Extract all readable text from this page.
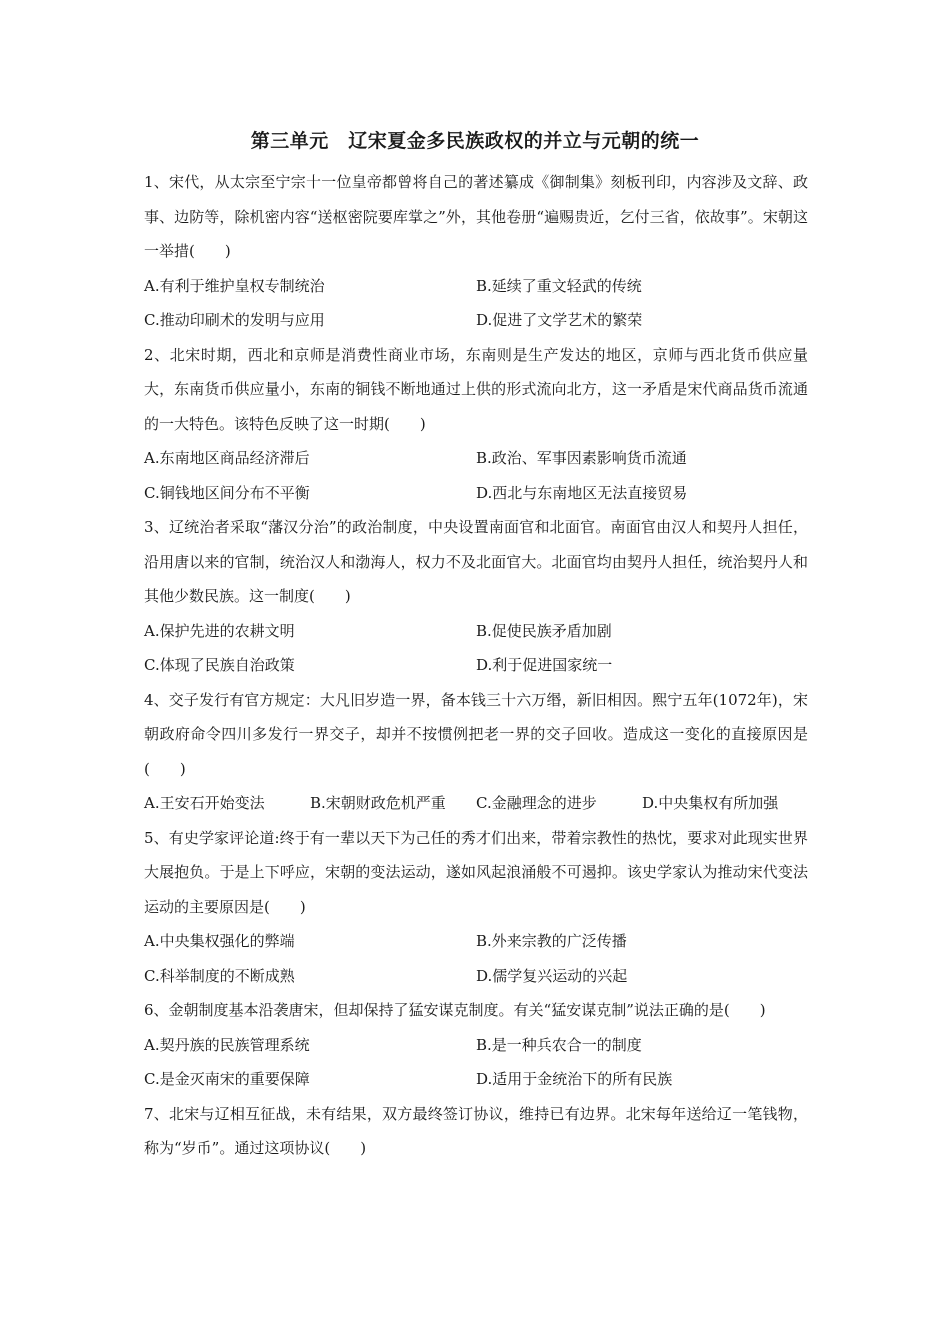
第三单元　辽宋夏金多民族政权的并立与元朝的统一

1、宋代，从太宗至宁宗十一位皇帝都曾将自己的著述纂成《御制集》刻板刊印，内容涉及文辞、政事、边防等，除机密内容“送枢密院要库掌之”外，其他卷册“遍赐贵近，乞付三省，依故事”。宋朝这一举措(　　)

A.有利于维护皇权专制统治	B.延续了重文轻武的传统
C.推动印刷术的发明与应用	D.促进了文学艺术的繁荣

2、北宋时期，西北和京师是消费性商业市场，东南则是生产发达的地区，京师与西北货币供应量大，东南货币供应量小，东南的铜钱不断地通过上供的形式流向北方，这一矛盾是宋代商品货币流通的一大特色。该特色反映了这一时期(　　)

A.东南地区商品经济滞后	B.政治、军事因素影响货币流通
C.铜钱地区间分布不平衡	D.西北与东南地区无法直接贸易

3、辽统治者采取“藩汉分治”的政治制度，中央设置南面官和北面官。南面官由汉人和契丹人担任，沿用唐以来的官制，统治汉人和渤海人，权力不及北面官大。北面官均由契丹人担任，统治契丹人和其他少数民族。这一制度(　　)

A.保护先进的农耕文明	B.促使民族矛盾加剧
C.体现了民族自治政策	D.利于促进国家统一

4、交子发行有官方规定：大凡旧岁造一界，备本钱三十六万缗，新旧相因。熙宁五年(1072年)，宋朝政府命令四川多发行一界交子，却并不按惯例把老一界的交子回收。造成这一变化的直接原因是(　　)

A.王安石开始变法	B.宋朝财政危机严重	C.金融理念的进步	D.中央集权有所加强

5、有史学家评论道:终于有一辈以天下为己任的秀才们出来，带着宗教性的热忱，要求对此现实世界大展抱负。于是上下呼应，宋朝的变法运动，遂如风起浪涌般不可遏抑。该史学家认为推动宋代变法运动的主要原因是(　　)

A.中央集权强化的弊端	B.外来宗教的广泛传播
C.科举制度的不断成熟	D.儒学复兴运动的兴起

6、金朝制度基本沿袭唐宋，但却保持了猛安谋克制度。有关“猛安谋克制”说法正确的是(　　)

A.契丹族的民族管理系统	B.是一种兵农合一的制度
C.是金灭南宋的重要保障	D.适用于金统治下的所有民族

7、北宋与辽相互征战，未有结果，双方最终签订协议，维持已有边界。北宋每年送给辽一笔钱物，称为“岁币”。通过这项协议(　　)
